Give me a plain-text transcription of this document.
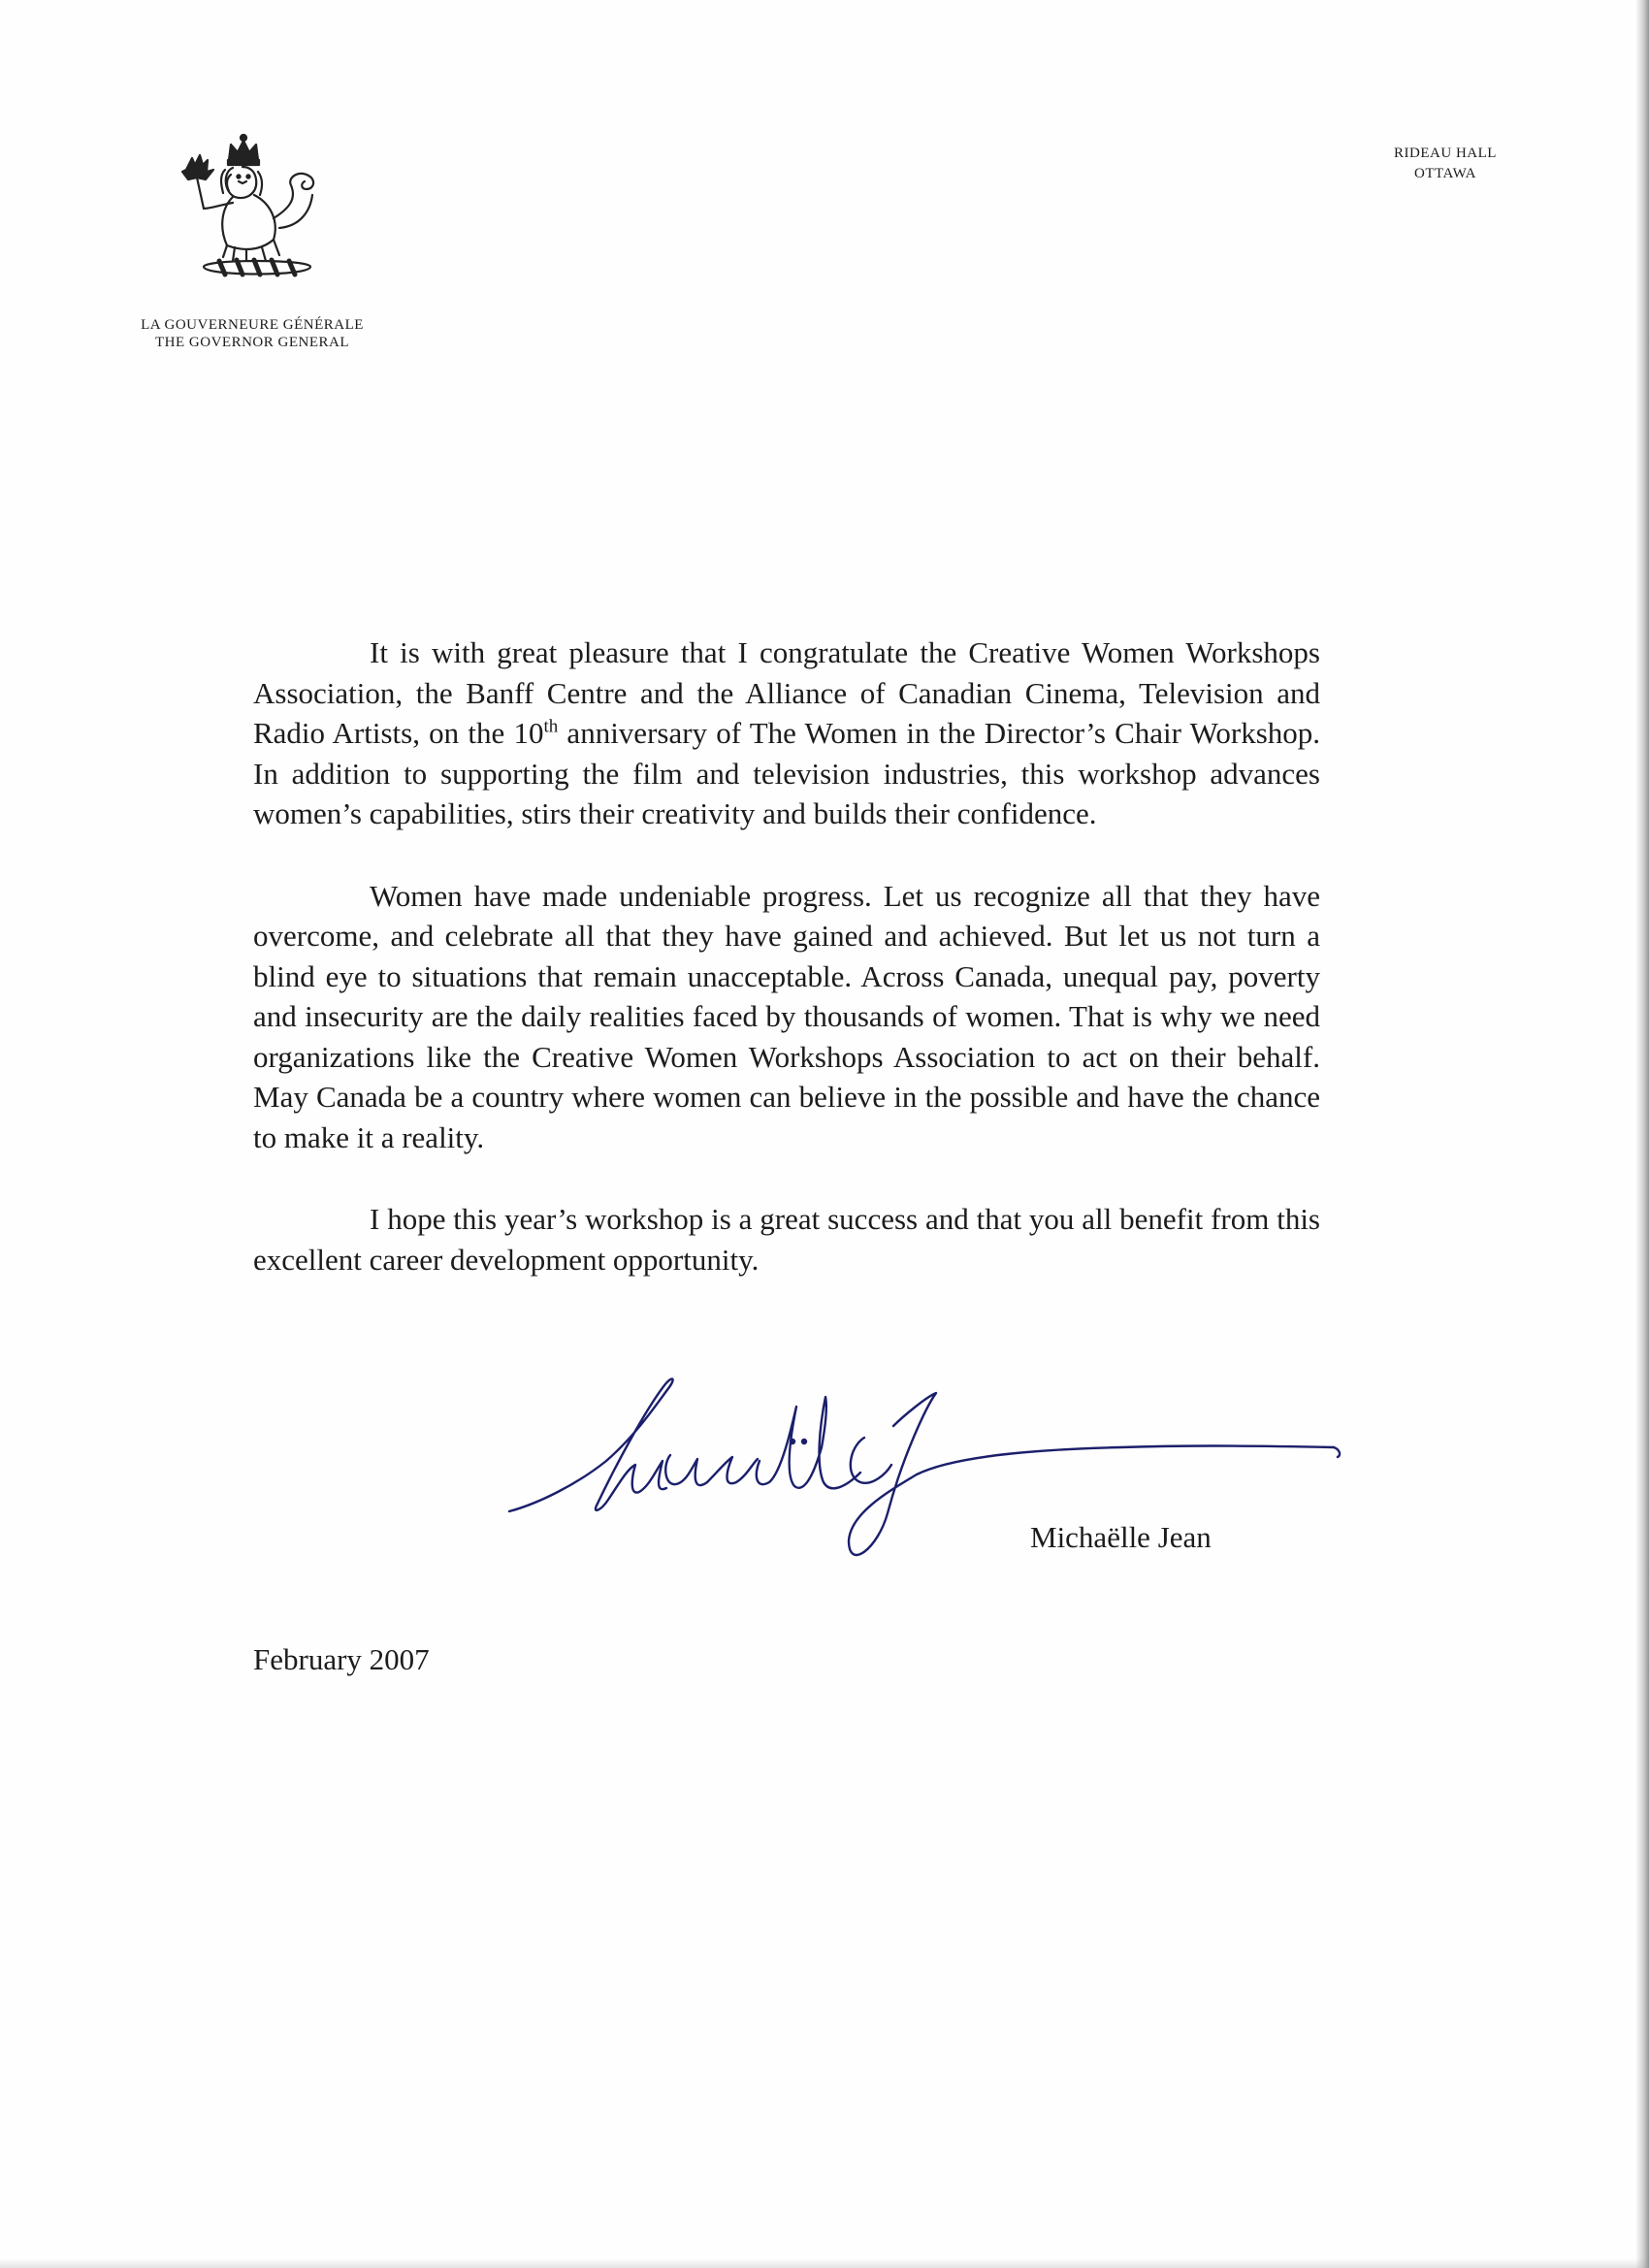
LA GOUVERNEURE GÉNÉRALE
THE GOVERNOR GENERAL
RIDEAU HALL
OTTAWA

It is with great pleasure that I congratulate the Creative Women Workshops Association, the Banff Centre and the Alliance of Canadian Cinema, Television and Radio Artists, on the 10th anniversary of The Women in the Director’s Chair Workshop. In addition to supporting the film and television industries, this workshop advances women’s capabilities, stirs their creativity and builds their confidence.

Women have made undeniable progress. Let us recognize all that they have overcome, and celebrate all that they have gained and achieved. But let us not turn a blind eye to situations that remain unacceptable. Across Canada, unequal pay, poverty and insecurity are the daily realities faced by thousands of women. That is why we need organizations like the Creative Women Workshops Association to act on their behalf. May Canada be a country where women can believe in the possible and have the chance to make it a reality.

I hope this year’s workshop is a great success and that you all benefit from this excellent career development opportunity.

Michaëlle Jean
February 2007
